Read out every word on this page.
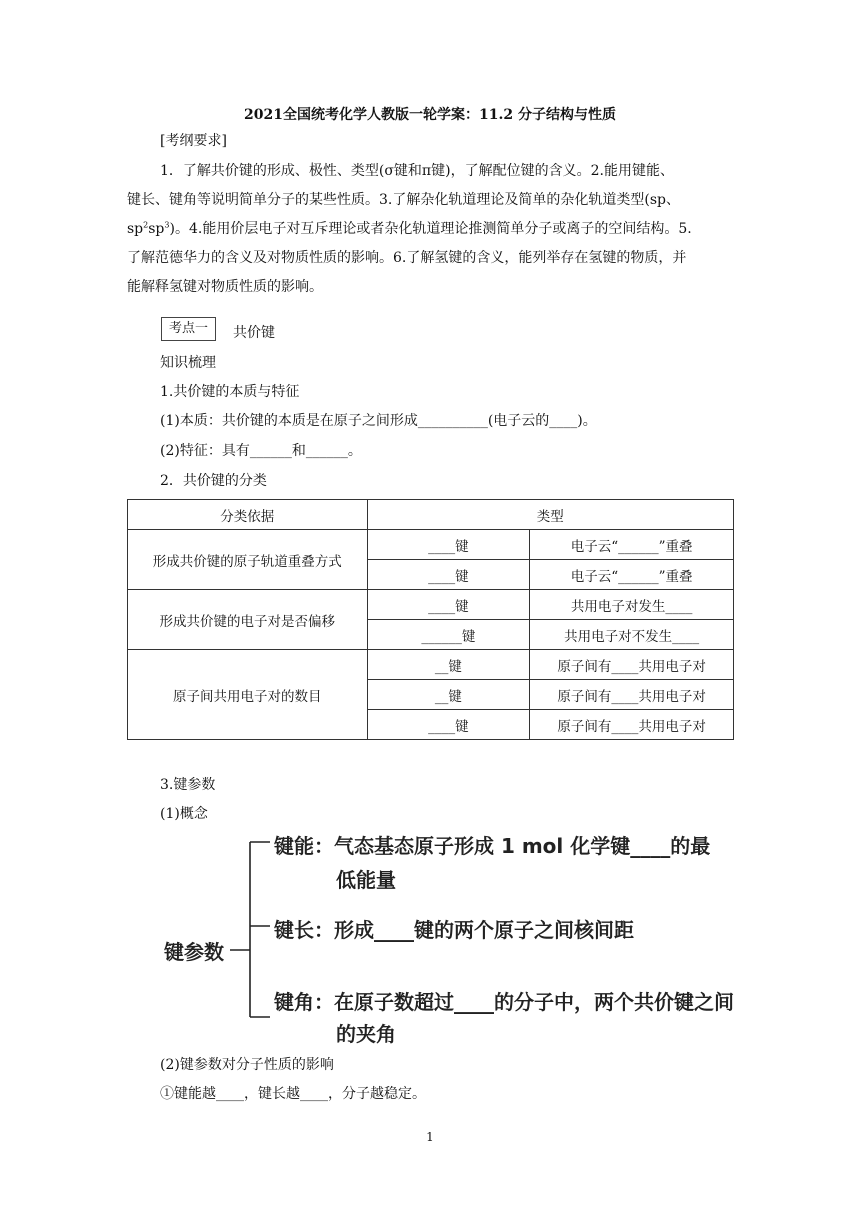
2021全国统考化学人教版一轮学案：11.2 分子结构与性质
[考纲要求]
1．了解共价键的形成、极性、类型(σ键和π键)，了解配位键的含义。2.能用键能、
键长、键角等说明简单分子的某些性质。3.了解杂化轨道理论及简单的杂化轨道类型(sp、
$sp^2sp^3$)。4.能用价层电子对互斥理论或者杂化轨道理论推测简单分子或离子的空间结构。5.
了解范德华力的含义及对物质性质的影响。6.了解氢键的含义，能列举存在氢键的物质，并
能解释氢键对物质性质的影响。
考点一	共价键
知识梳理
1.共价键的本质与特征
(1)本质：共价键的本质是在原子之间形成__________(电子云的____)。
(2)特征：具有______和______。
2．共价键的分类
分类依据	类型	
形成共价键的原子轨道重叠方式	____键	电子云“______”重叠
	____键	电子云“______”重叠
形成共价键的电子对是否偏移	____键	共用电子对发生____
	______键	共用电子对不发生____
原子间共用电子对的数目	__键	原子间有____共用电子对
	__键	原子间有____共用电子对
	____键	原子间有____共用电子对
3.键参数
(1)概念
键参数
键能：气态基态原子形成 1 mol 化学键____的最
低能量
键长：形成____键的两个原子之间核间距
键角：在原子数超过____的分子中，两个共价键之间
的夹角
(2)键参数对分子性质的影响
①键能越____，键长越____，分子越稳定。
1
